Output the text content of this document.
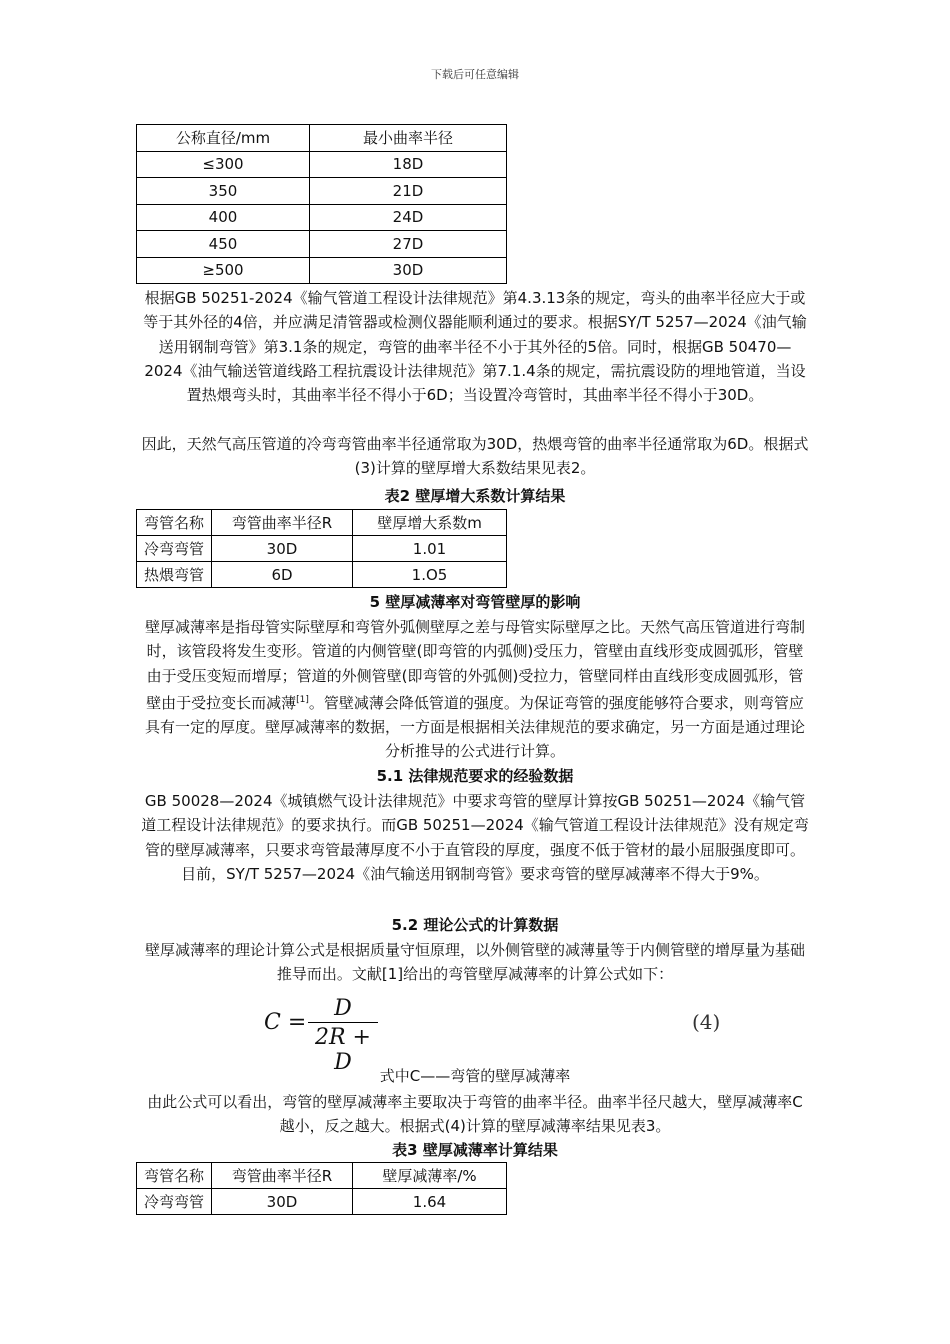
下载后可任意编辑
公称直径/mm	最小曲率半径
≤300	18D
350	21D
400	24D
450	27D
≥500	30D
根据GB 50251-2024《输气管道工程设计法律规范》第4.3.13条的规定，弯头的曲率半径应大于或等于其外径的4倍，并应满足清管器或检测仪器能顺利通过的要求。根据SY/T 5257—2024《油气输送用钢制弯管》第3.1条的规定，弯管的曲率半径不小于其外径的5倍。同时，根据GB 50470—2024《油气输送管道线路工程抗震设计法律规范》第7.1.4条的规定，需抗震设防的埋地管道，当设置热煨弯头时，其曲率半径不得小于6D；当设置冷弯管时，其曲率半径不得小于30D。
因此，天然气高压管道的冷弯弯管曲率半径通常取为30D，热煨弯管的曲率半径通常取为6D。根据式(3)计算的壁厚增大系数结果见表2。
表2 壁厚增大系数计算结果
弯管名称	弯管曲率半径R	壁厚增大系数m
冷弯弯管	30D	1.01
热煨弯管	6D	1.O5
5 壁厚减薄率对弯管壁厚的影响
壁厚减薄率是指母管实际壁厚和弯管外弧侧壁厚之差与母管实际壁厚之比。天然气高压管道进行弯制时，该管段将发生变形。管道的内侧管壁(即弯管的内弧侧)受压力，管壁由直线形变成圆弧形，管壁由于受压变短而增厚；管道的外侧管壁(即弯管的外弧侧)受拉力，管壁同样由直线形变成圆弧形，管壁由于受拉变长而减薄[1]。管壁减薄会降低管道的强度。为保证弯管的强度能够符合要求，则弯管应具有一定的厚度。壁厚减薄率的数据，一方面是根据相关法律规范的要求确定，另一方面是通过理论分析推导的公式进行计算。
5.1 法律规范要求的经验数据
GB 50028—2024《城镇燃气设计法律规范》中要求弯管的壁厚计算按GB 50251—2024《输气管道工程设计法律规范》的要求执行。而GB 50251—2024《输气管道工程设计法律规范》没有规定弯管的壁厚减薄率，只要求弯管最薄厚度不小于直管段的厚度，强度不低于管材的最小屈服强度即可。目前，SY/T 5257—2024《油气输送用钢制弯管》要求弯管的壁厚减薄率不得大于9%。
5.2 理论公式的计算数据
壁厚减薄率的理论计算公式是根据质量守恒原理，以外侧管壁的减薄量等于内侧管壁的增厚量为基础推导而出。文献[1]给出的弯管壁厚减薄率的计算公式如下：
$C = \frac{D}{2R + D}$	(4)
式中C——弯管的壁厚减薄率
由此公式可以看出，弯管的壁厚减薄率主要取决于弯管的曲率半径。曲率半径尺越大，壁厚减薄率C越小，反之越大。根据式(4)计算的壁厚减薄率结果见表3。
表3 壁厚减薄率计算结果
弯管名称	弯管曲率半径R	壁厚减薄率/%
冷弯弯管	30D	1.64
